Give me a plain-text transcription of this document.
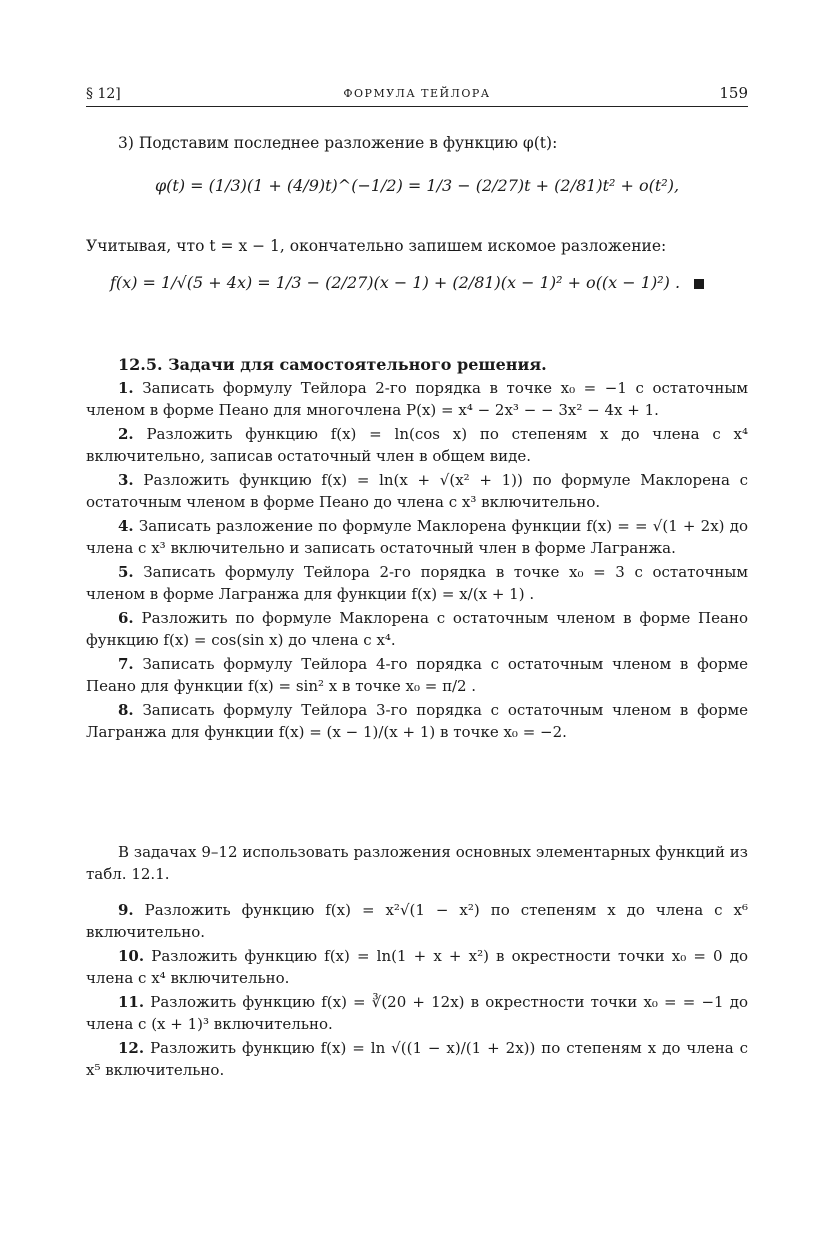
§ 12]	ФОРМУЛА ТЕЙЛОРА	159
3) Подставим последнее разложение в функцию φ(t):
φ(t) = (1/3)(1 + (4/9)t)^(−1/2) = 1/3 − (2/27)t + (2/81)t² + o(t²),
Учитывая, что t = x − 1, окончательно запишем искомое разложение:
f(x) = 1/√(5 + 4x) = 1/3 − (2/27)(x − 1) + (2/81)(x − 1)² + o((x − 1)²) .
12.5. Задачи для самостоятельного решения.
1. Записать формулу Тейлора 2-го порядка в точке x₀ = −1 с остаточным членом в форме Пеано для многочлена P(x) = x⁴ − 2x³ − − 3x² − 4x + 1.
2. Разложить функцию f(x) = ln(cos x) по степеням x до члена с x⁴ включительно, записав остаточный член в общем виде.
3. Разложить функцию f(x) = ln(x + √(x² + 1)) по формуле Маклорена с остаточным членом в форме Пеано до члена с x³ включительно.
4. Записать разложение по формуле Маклорена функции f(x) = = √(1 + 2x) до члена с x³ включительно и записать остаточный член в форме Лагранжа.
5. Записать формулу Тейлора 2-го порядка в точке x₀ = 3 с остаточным членом в форме Лагранжа для функции f(x) = x/(x + 1) .
6. Разложить по формуле Маклорена с остаточным членом в форме Пеано функцию f(x) = cos(sin x) до члена с x⁴.
7. Записать формулу Тейлора 4-го порядка с остаточным членом в форме Пеано для функции f(x) = sin² x в точке x₀ = π/2 .
8. Записать формулу Тейлора 3-го порядка с остаточным членом в форме Лагранжа для функции f(x) = (x − 1)/(x + 1) в точке x₀ = −2.
В задачах 9–12 использовать разложения основных элементарных функций из табл. 12.1.
9. Разложить функцию f(x) = x²√(1 − x²) по степеням x до члена с x⁶ включительно.
10. Разложить функцию f(x) = ln(1 + x + x²) в окрестности точки x₀ = 0 до члена с x⁴ включительно.
11. Разложить функцию f(x) = ∛(20 + 12x) в окрестности точки x₀ = = −1 до члена с (x + 1)³ включительно.
12. Разложить функцию f(x) = ln √((1 − x)/(1 + 2x)) по степеням x до члена с x⁵ включительно.
